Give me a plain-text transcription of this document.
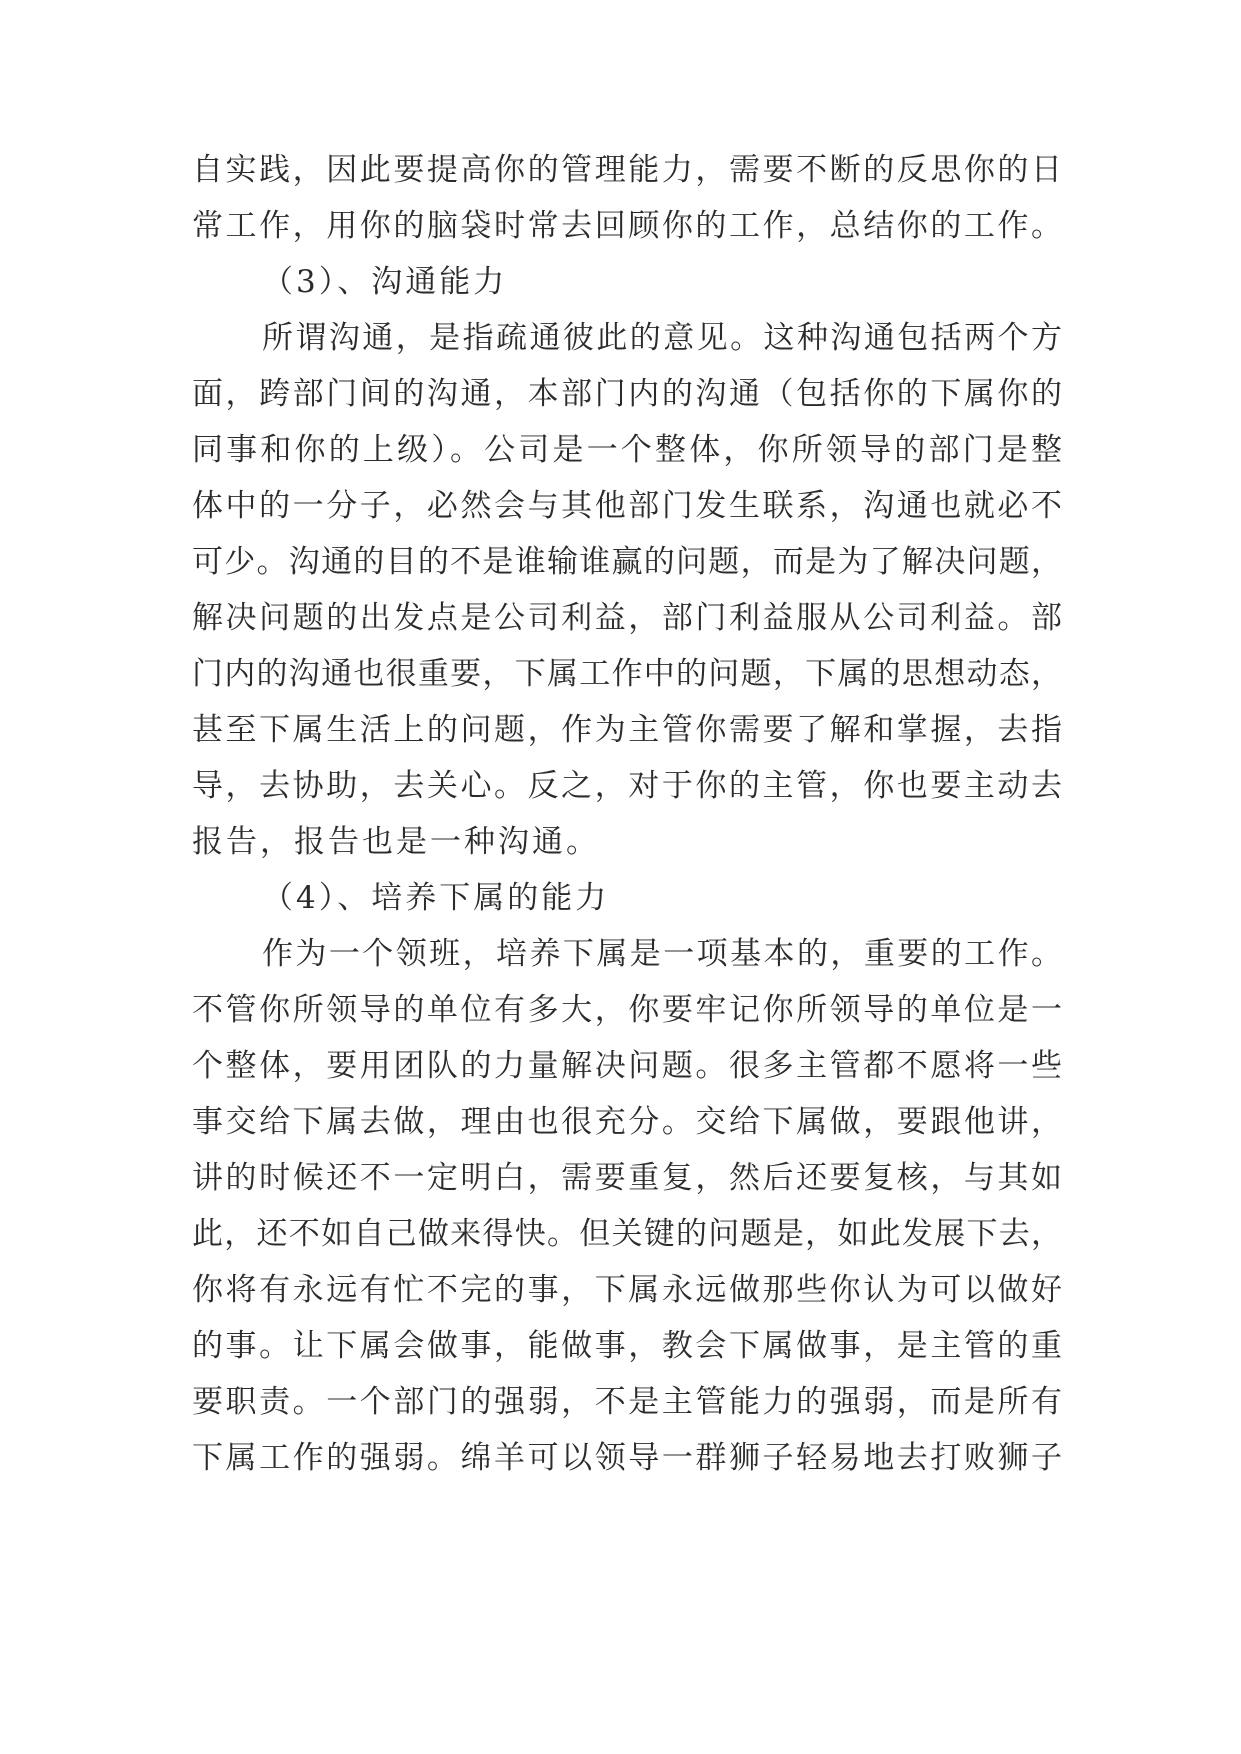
自实践，因此要提高你的管理能力，需要不断的反思你的日
常工作，用你的脑袋时常去回顾你的工作，总结你的工作。
（3）、沟通能力
所谓沟通，是指疏通彼此的意见。这种沟通包括两个方
面，跨部门间的沟通，本部门内的沟通（包括你的下属你的
同事和你的上级）。公司是一个整体，你所领导的部门是整
体中的一分子，必然会与其他部门发生联系，沟通也就必不
可少。沟通的目的不是谁输谁赢的问题，而是为了解决问题，
解决问题的出发点是公司利益，部门利益服从公司利益。部
门内的沟通也很重要，下属工作中的问题，下属的思想动态，
甚至下属生活上的问题，作为主管你需要了解和掌握，去指
导，去协助，去关心。反之，对于你的主管，你也要主动去
报告，报告也是一种沟通。
（4）、培养下属的能力
作为一个领班，培养下属是一项基本的，重要的工作。
不管你所领导的单位有多大，你要牢记你所领导的单位是一
个整体，要用团队的力量解决问题。很多主管都不愿将一些
事交给下属去做，理由也很充分。交给下属做，要跟他讲，
讲的时候还不一定明白，需要重复，然后还要复核，与其如
此，还不如自己做来得快。但关键的问题是，如此发展下去，
你将有永远有忙不完的事，下属永远做那些你认为可以做好
的事。让下属会做事，能做事，教会下属做事，是主管的重
要职责。一个部门的强弱，不是主管能力的强弱，而是所有
下属工作的强弱。绵羊可以领导一群狮子轻易地去打败狮子
